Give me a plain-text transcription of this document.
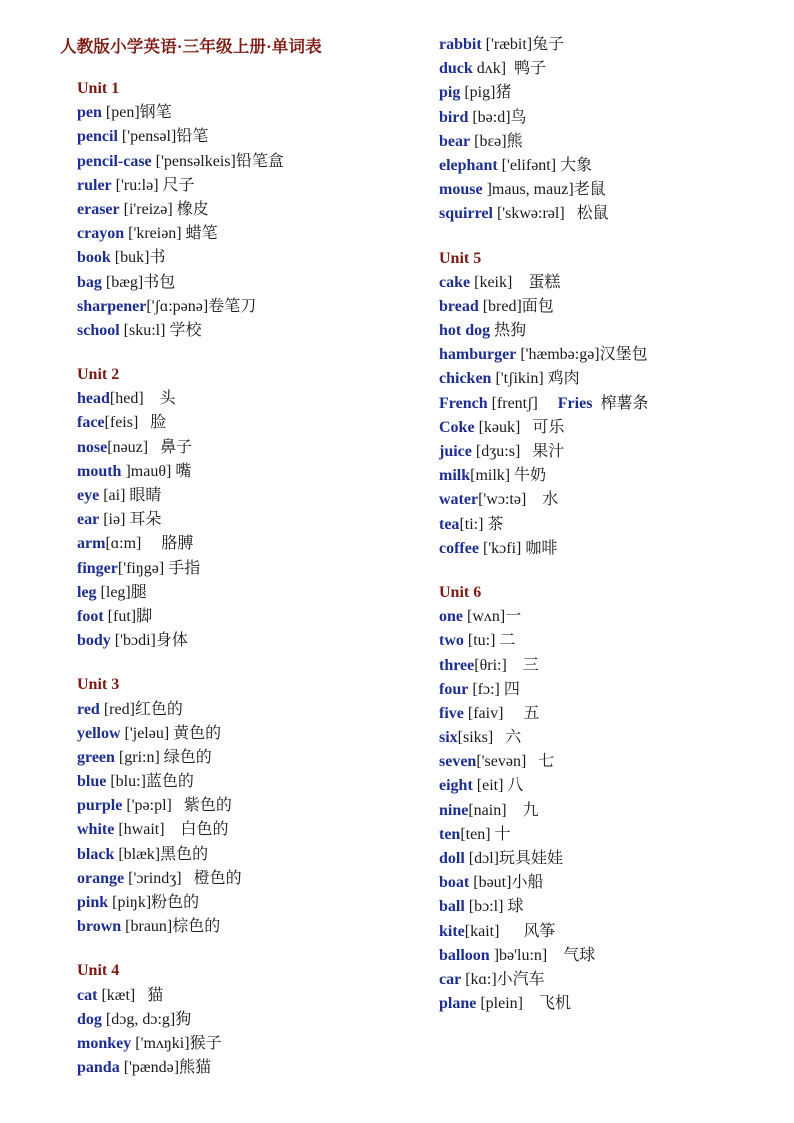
人教版小学英语·三年级上册·单词表
Unit 1
pen [pen]钢笔
pencil ['pensəl]铅笔
pencil-case ['pensəlkeis]铅笔盒
ruler ['ru:lə] 尺子
eraser [i'reizə] 橡皮
crayon ['kreiən] 蜡笔
book [buk]书
bag [bæg]书包
sharpener['ʃɑ:pənə]卷笔刀
school [sku:l] 学校
Unit 2
head[hed]    头
face[feis]   脸
nose[nəuz]   鼻子
mouth ]mauθ] 嘴
eye [ai] 眼睛
ear [iə] 耳朵
arm[ɑ:m]     胳膊
finger['fiŋgə] 手指
leg [leg]腿
foot [fut]脚
body ['bɔdi]身体
Unit 3
red [red]红色的
yellow ['jeləu] 黄色的
green [gri:n] 绿色的
blue [blu:]蓝色的
purple ['pə:pl]   紫色的
white [hwait]    白色的
black [blæk]黑色的
orange ['ɔrindʒ]   橙色的
pink [piŋk]粉色的
brown [braun]棕色的
Unit 4
cat [kæt]   猫
dog [dɔg, dɔ:g]狗
monkey ['mʌŋki]猴子
panda ['pændə]熊猫
rabbit ['ræbit]兔子
duck dʌk]  鸭子
pig [pig]猪
bird [bə:d]鸟
bear [bɛə]熊
elephant ['elifənt] 大象
mouse ]maus, mauz]老鼠
squirrel ['skwə:rəl]   松鼠
Unit 5
cake [keik]    蛋糕
bread [bred]面包
hot dog 热狗
hamburger ['hæmbə:gə]汉堡包
chicken ['tʃikin] 鸡肉
French [frentʃ]     Fries  榨薯条
Coke [kəuk]   可乐
juice [dʒu:s]   果汁
milk[milk] 牛奶
water['wɔ:tə]    水
tea[ti:] 茶
coffee ['kɔfi] 咖啡
Unit 6
one [wʌn]一
two [tu:] 二
three[θri:]    三
four [fɔ:] 四
five [faiv]     五
six[siks]   六
seven['sevən]   七
eight [eit] 八
nine[nain]    九
ten[ten] 十
doll [dɔl]玩具娃娃
boat [bəut]小船
ball [bɔ:l] 球
kite[kait]      风筝
balloon ]bə'lu:n]    气球
car [kɑ:]小汽车
plane [plein]    飞机
